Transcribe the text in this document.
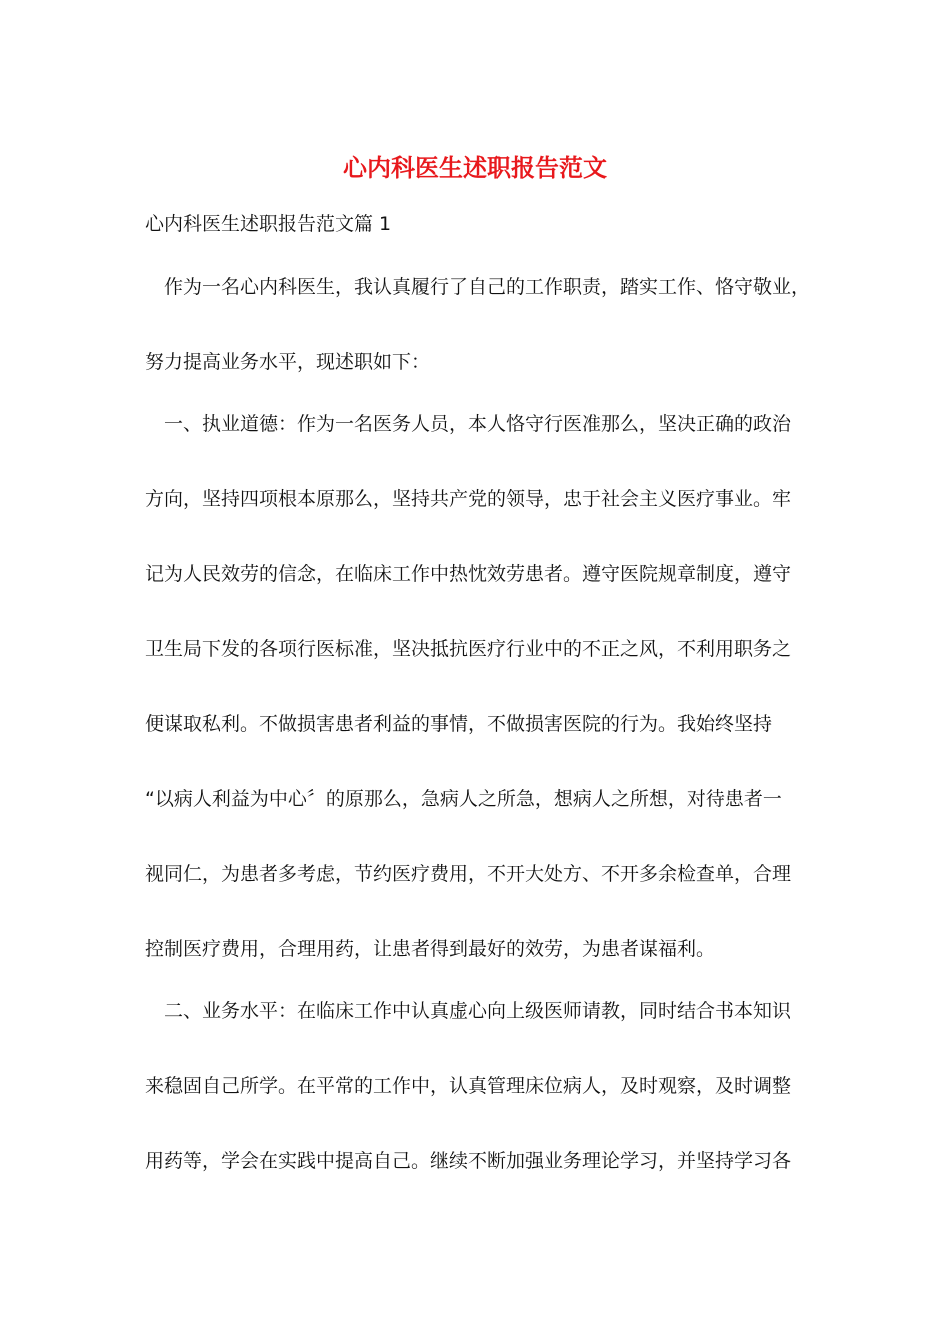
心内科医生述职报告范文
心内科医生述职报告范文篇 1
作为一名心内科医生，我认真履行了自己的工作职责，踏实工作、恪守敬业，
努力提高业务水平，现述职如下：
一、执业道德：作为一名医务人员，本人恪守行医准那么，坚决正确的政治
方向，坚持四项根本原那么，坚持共产党的领导，忠于社会主义医疗事业。牢
记为人民效劳的信念，在临床工作中热忱效劳患者。遵守医院规章制度，遵守
卫生局下发的各项行医标准，坚决抵抗医疗行业中的不正之风，不利用职务之
便谋取私利。不做损害患者利益的事情，不做损害医院的行为。我始终坚持
“以病人利益为中心〞的原那么，急病人之所急，想病人之所想，对待患者一
视同仁，为患者多考虑，节约医疗费用，不开大处方、不开多余检查单，合理
控制医疗费用，合理用药，让患者得到最好的效劳，为患者谋福利。
二、业务水平：在临床工作中认真虚心向上级医师请教，同时结合书本知识
来稳固自己所学。在平常的工作中，认真管理床位病人，及时观察，及时调整
用药等，学会在实践中提高自己。继续不断加强业务理论学习，并坚持学习各
